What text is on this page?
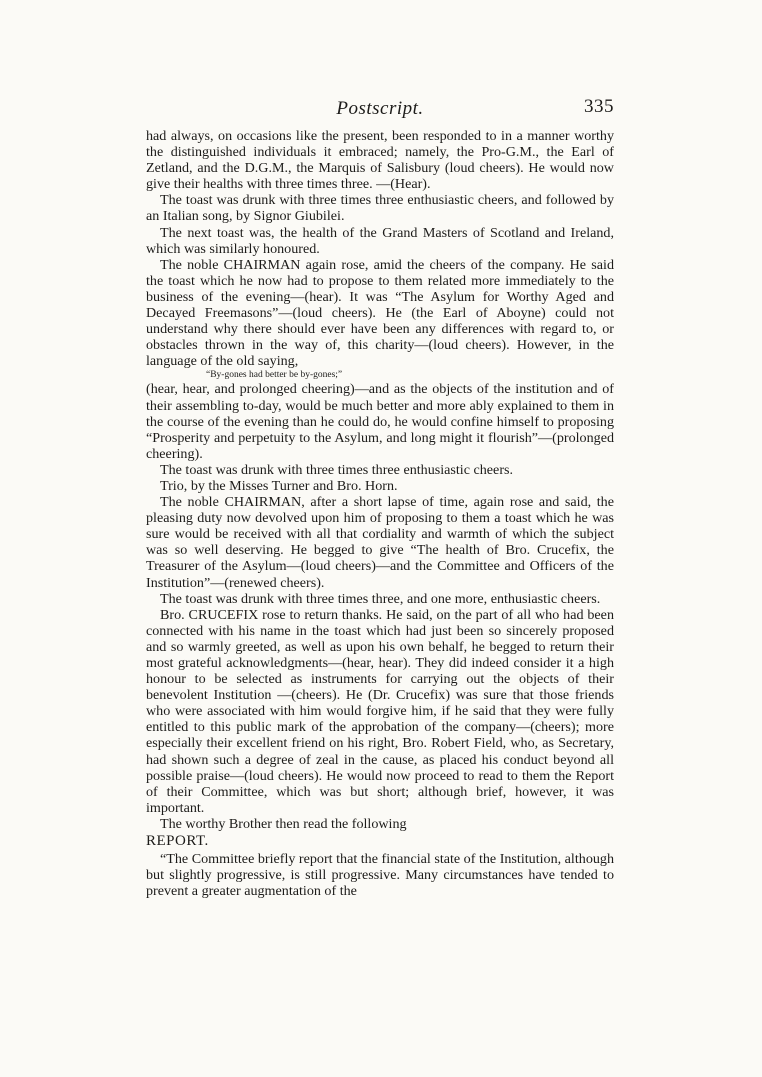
Postscript.	335

had always, on occasions like the present, been responded to in a manner worthy the distinguished individuals it embraced; namely, the Pro-G.M., the Earl of Zetland, and the D.G.M., the Marquis of Salisbury (loud cheers). He would now give their healths with three times three. —(Hear).

The toast was drunk with three times three enthusiastic cheers, and followed by an Italian song, by Signor Giubilei.

The next toast was, the health of the Grand Masters of Scotland and Ireland, which was similarly honoured.

The noble CHAIRMAN again rose, amid the cheers of the company. He said the toast which he now had to propose to them related more immediately to the business of the evening—(hear). It was “The Asylum for Worthy Aged and Decayed Freemasons”—(loud cheers). He (the Earl of Aboyne) could not understand why there should ever have been any differences with regard to, or obstacles thrown in the way of, this charity—(loud cheers). However, in the language of the old saying,

“By-gones had better be by-gones;”

(hear, hear, and prolonged cheering)—and as the objects of the institution and of their assembling to-day, would be much better and more ably explained to them in the course of the evening than he could do, he would confine himself to proposing “Prosperity and perpetuity to the Asylum, and long might it flourish”—(prolonged cheering).

The toast was drunk with three times three enthusiastic cheers.

Trio, by the Misses Turner and Bro. Horn.

The noble CHAIRMAN, after a short lapse of time, again rose and said, the pleasing duty now devolved upon him of proposing to them a toast which he was sure would be received with all that cordiality and warmth of which the subject was so well deserving. He begged to give “The health of Bro. Crucefix, the Treasurer of the Asylum—(loud cheers)—and the Committee and Officers of the Institution”—(renewed cheers).

The toast was drunk with three times three, and one more, enthusiastic cheers.

Bro. CRUCEFIX rose to return thanks. He said, on the part of all who had been connected with his name in the toast which had just been so sincerely proposed and so warmly greeted, as well as upon his own behalf, he begged to return their most grateful acknowledgments—(hear, hear). They did indeed consider it a high honour to be selected as instruments for carrying out the objects of their benevolent Institution —(cheers). He (Dr. Crucefix) was sure that those friends who were associated with him would forgive him, if he said that they were fully entitled to this public mark of the approbation of the company—(cheers); more especially their excellent friend on his right, Bro. Robert Field, who, as Secretary, had shown such a degree of zeal in the cause, as placed his conduct beyond all possible praise—(loud cheers). He would now proceed to read to them the Report of their Committee, which was but short; although brief, however, it was important.

The worthy Brother then read the following

REPORT.

“The Committee briefly report that the financial state of the Institution, although but slightly progressive, is still progressive. Many circumstances have tended to prevent a greater augmentation of the
